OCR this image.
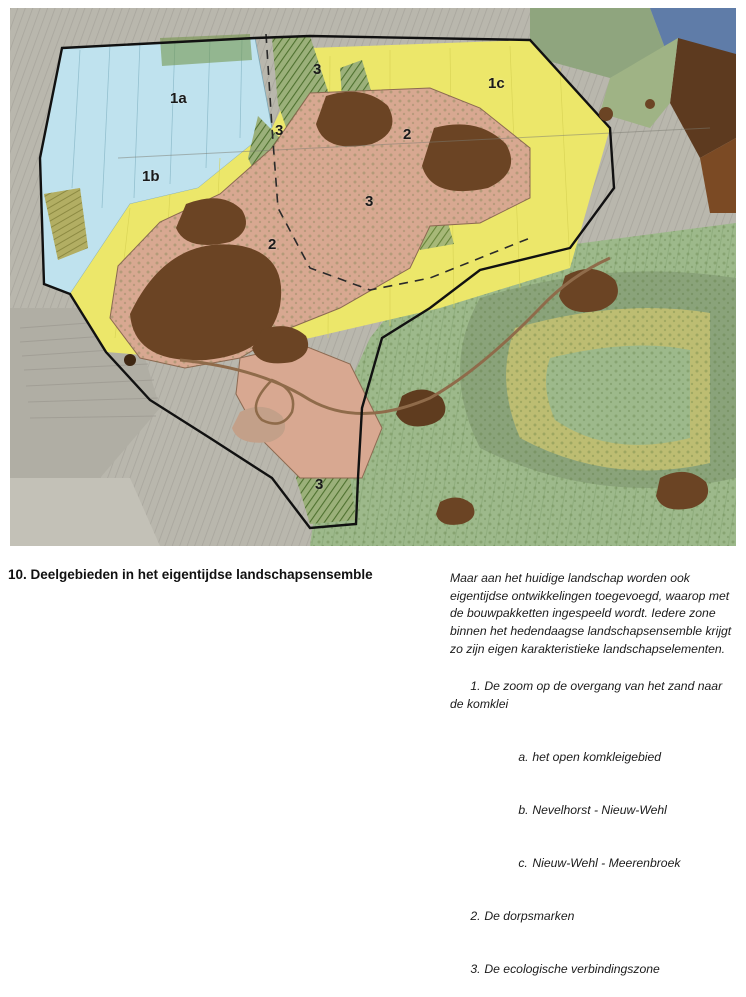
1a
1b
1c
3
3	2
3
2
3
10. Deelgebieden in het eigentijdse landschapsensemble	Maar aan het huidige landschap worden ook eigentijdse ontwikkelingen toegevoegd, waarop met de bouwpakketten ingespeeld wordt. Iedere zone binnen het hedendaagse landschapsensemble krijgt zo zijn eigen karakteristieke landschapselementen.

1. De zoom op de overgang van het zand naar de komklei

a. het open komkleigebied

b. Nevelhorst - Nieuw-Wehl

c. Nieuw-Wehl - Meerenbroek

2. De dorpsmarken

3. De ecologische verbindingszone
